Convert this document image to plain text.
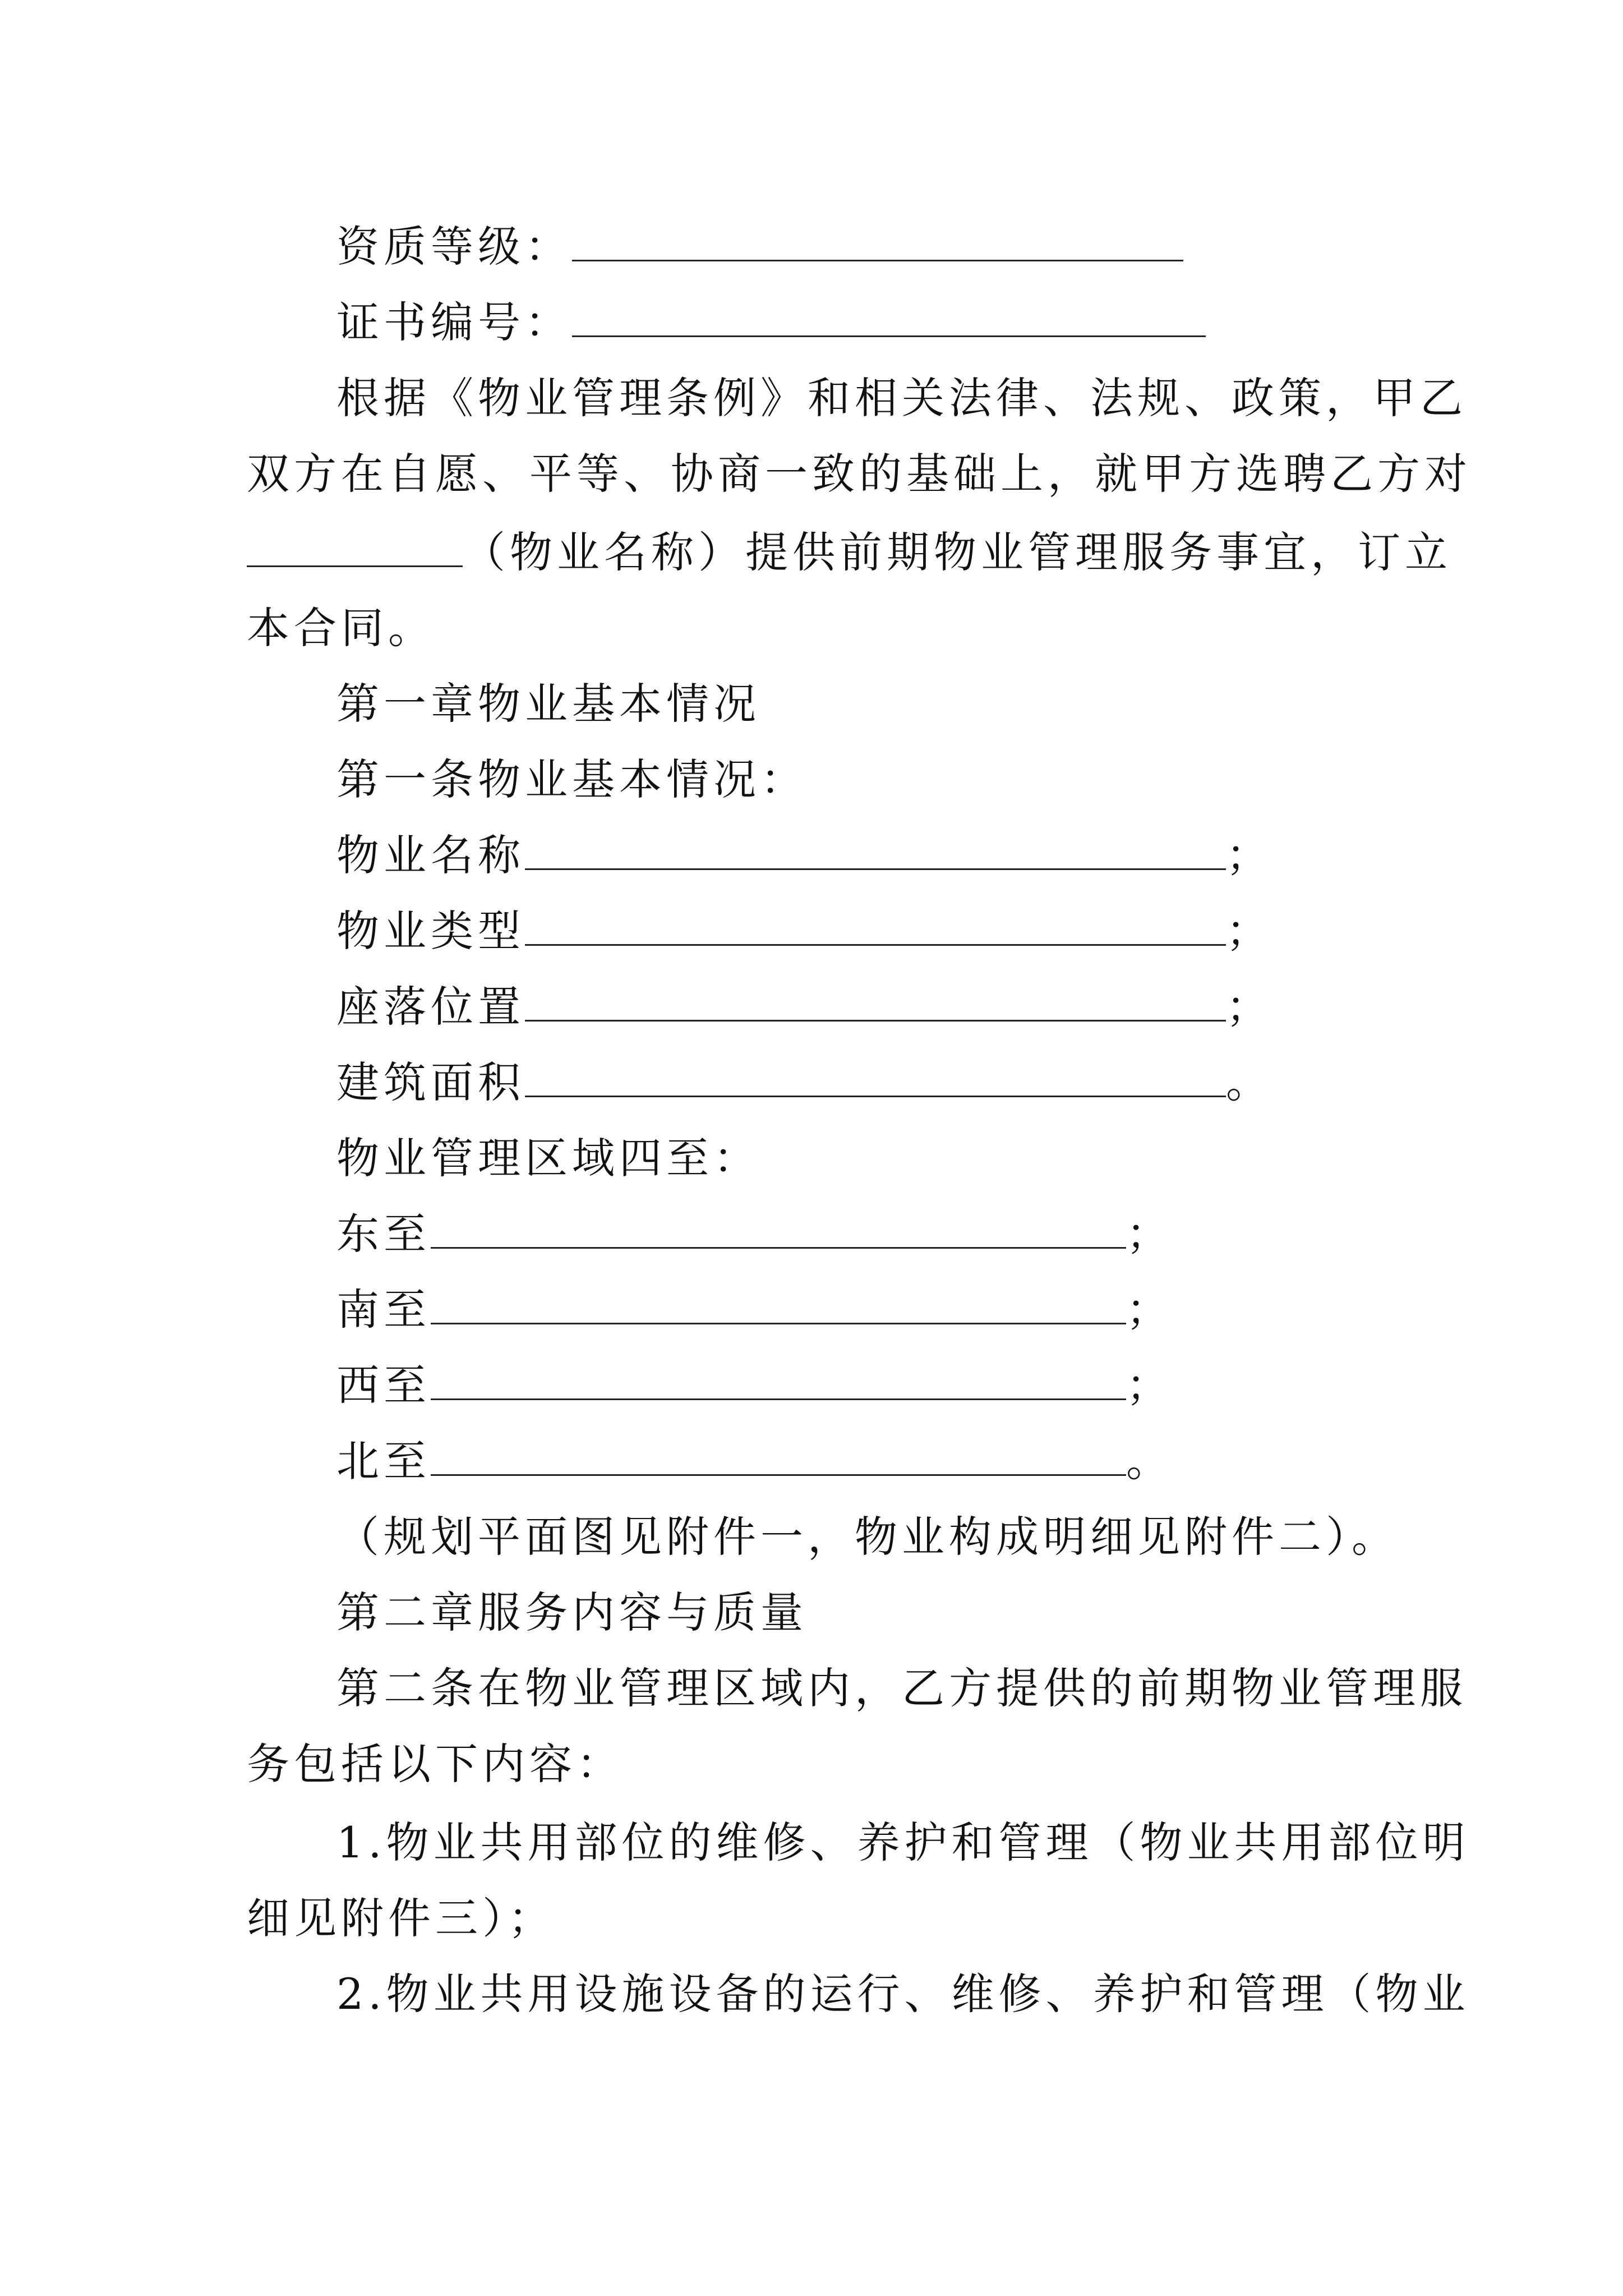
资质等级：
证书编号：
根据《物业管理条例》和相关法律、法规、政策，甲乙
双方在自愿、平等、协商一致的基础上，就甲方选聘乙方对
（物业名称）提供前期物业管理服务事宜，订立
本合同。
第一章物业基本情况
第一条物业基本情况：
物业名称	；
物业类型	；
座落位置	；
建筑面积	。
物业管理区域四至：
东至	；
南至	；
西至	；
北至	。
（规划平面图见附件一，物业构成明细见附件二）。
第二章服务内容与质量
第二条在物业管理区域内，乙方提供的前期物业管理服
务包括以下内容：
1.物业共用部位的维修、养护和管理（物业共用部位明
细见附件三）；
2.物业共用设施设备的运行、维修、养护和管理（物业
